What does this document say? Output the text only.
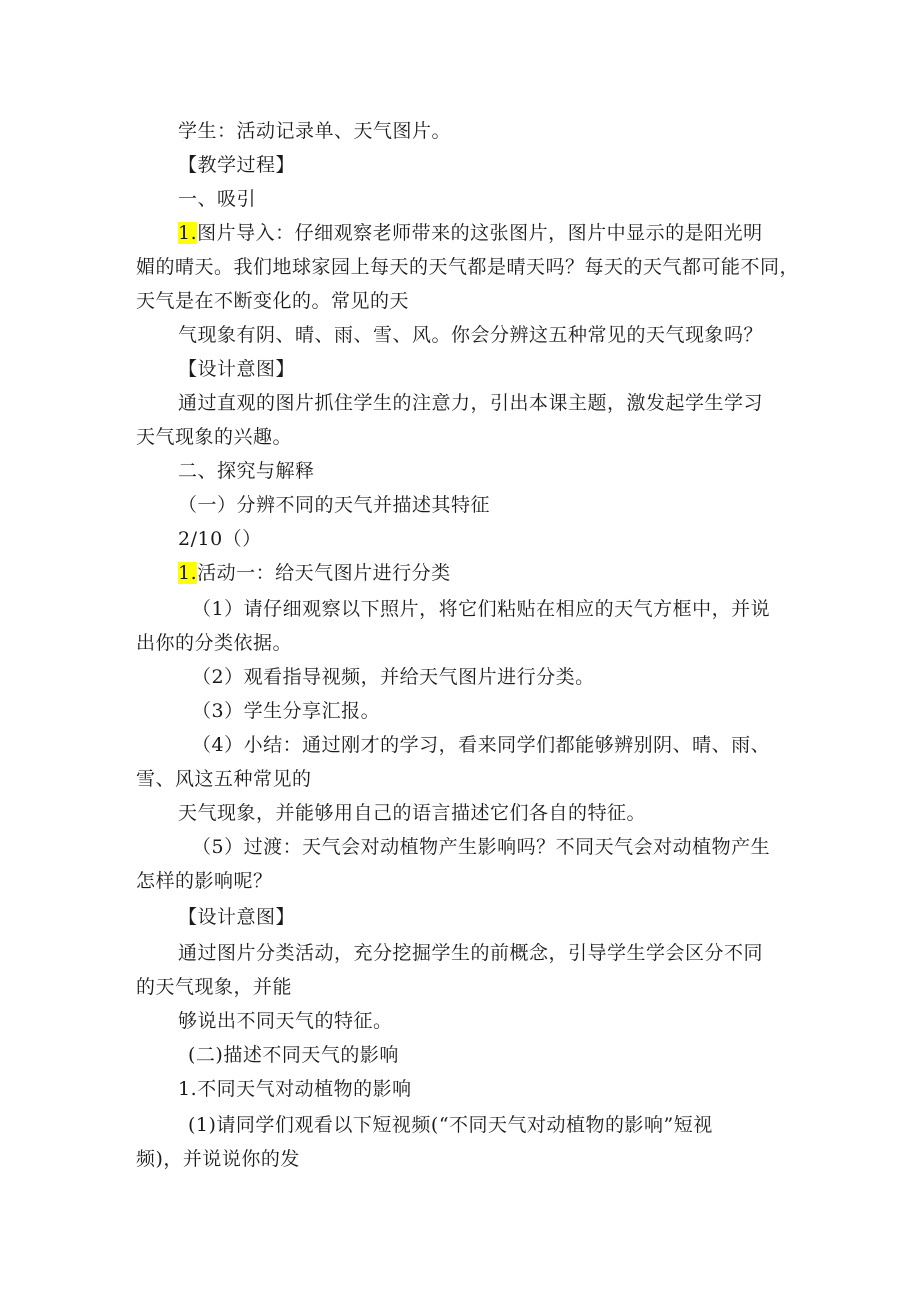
学生：活动记录单、天气图片。
【教学过程】
一、吸引
1.图片导入：仔细观察老师带来的这张图片，图片中显示的是阳光明
媚的晴天。我们地球家园上每天的天气都是晴天吗？每天的天气都可能不同，
天气是在不断变化的。常见的天
气现象有阴、晴、雨、雪、风。你会分辨这五种常见的天气现象吗？
【设计意图】
通过直观的图片抓住学生的注意力，引出本课主题，激发起学生学习
天气现象的兴趣。
二、探究与解释
（一）分辨不同的天气并描述其特征
2/10（）
1.活动一：给天气图片进行分类
（1）请仔细观察以下照片，将它们粘贴在相应的天气方框中，并说
出你的分类依据。
（2）观看指导视频，并给天气图片进行分类。
（3）学生分享汇报。
（4）小结：通过刚才的学习，看来同学们都能够辨别阴、晴、雨、
雪、风这五种常见的
天气现象，并能够用自己的语言描述它们各自的特征。
（5）过渡：天气会对动植物产生影响吗？不同天气会对动植物产生
怎样的影响呢？
【设计意图】
通过图片分类活动，充分挖掘学生的前概念，引导学生学会区分不同
的天气现象，并能
够说出不同天气的特征。
(二)描述不同天气的影响
1.不同天气对动植物的影响
(1)请同学们观看以下短视频(“不同天气对动植物的影响”短视
频)，并说说你的发
